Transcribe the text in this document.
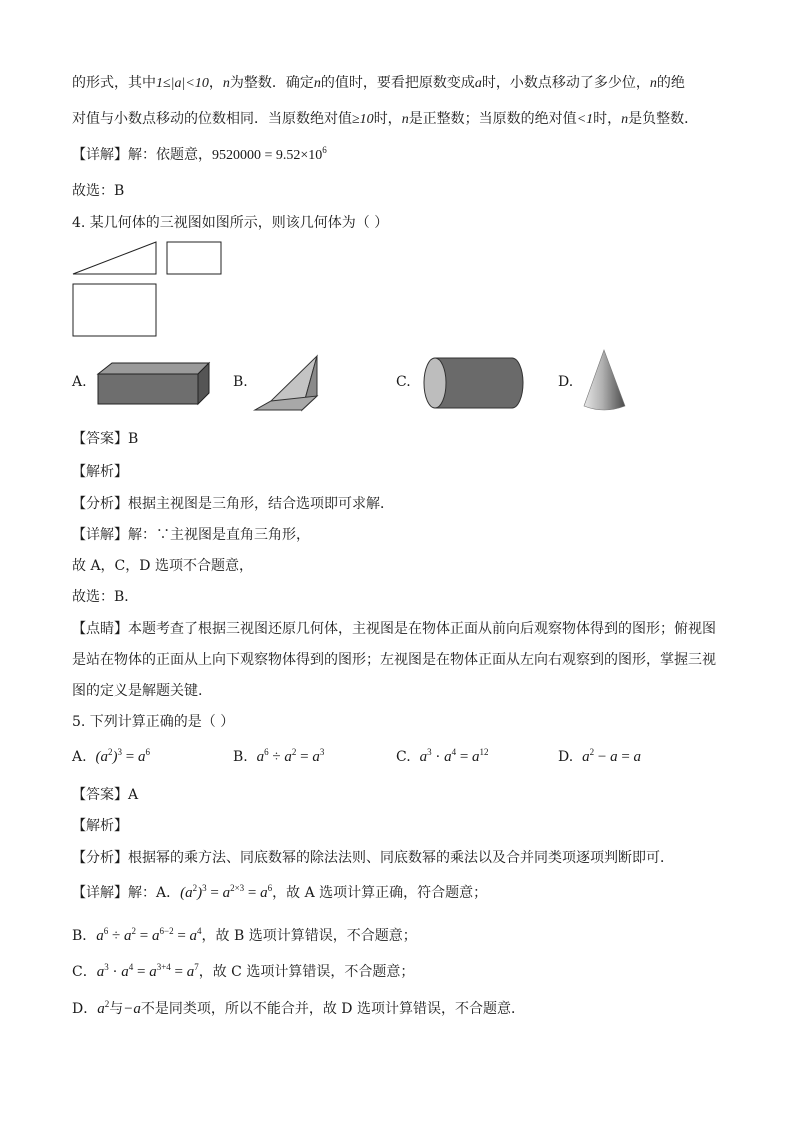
的形式，其中1≤|a|<10，n为整数．确定n的值时，要看把原数变成a时，小数点移动了多少位，n的绝
对值与小数点移动的位数相同．当原数绝对值≥10时，n是正整数；当原数的绝对值<1时，n是负整数．
【详解】解：依题意，$9520000 = 9.52\times 10^6$
故选：B
4. 某几何体的三视图如图所示，则该几何体为（ ）
A.	B.	C.	D.
【答案】B
【解析】
【分析】根据主视图是三角形，结合选项即可求解．
【详解】解：∵主视图是直角三角形，
故 A，C，D 选项不合题意，
故选：B．
【点睛】本题考查了根据三视图还原几何体，主视图是在物体正面从前向后观察物体得到的图形；俯视图
是站在物体的正面从上向下观察物体得到的图形；左视图是在物体正面从左向右观察到的图形，掌握三视
图的定义是解题关键.
5. 下列计算正确的是（ ）
A. $(a^2)^3 = a^6$	B. $a^6 \div a^2 = a^3$	C. $a^3 \cdot a^4 = a^{12}$	D. $a^2 - a = a$
【答案】A
【解析】
【分析】根据幂的乘方法、同底数幂的除法法则、同底数幂的乘法以及合并同类项逐项判断即可．
【详解】解：A．$(a^2)^3 = a^{2\times 3} = a^6$，故 A 选项计算正确，符合题意；
B．$a^6 \div a^2 = a^{6-2} = a^4$，故 B 选项计算错误，不合题意；
C．$a^3 \cdot a^4 = a^{3+4} = a^7$，故 C 选项计算错误，不合题意；
D．$a^2$与−a不是同类项，所以不能合并，故 D 选项计算错误，不合题意．
